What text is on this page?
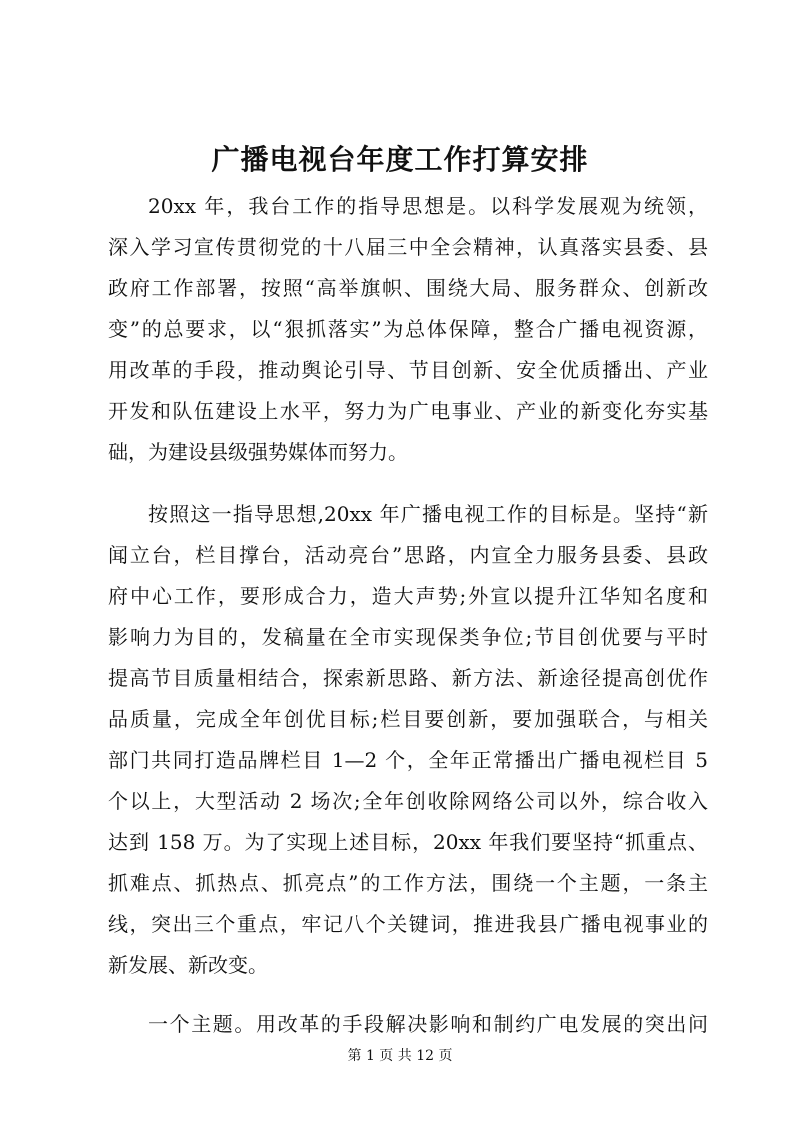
广播电视台年度工作打算安排
20xx 年，我台工作的指导思想是。以科学发展观为统领，
深入学习宣传贯彻党的十八届三中全会精神，认真落实县委、县
政府工作部署，按照“高举旗帜、围绕大局、服务群众、创新改
变”的总要求，以“狠抓落实”为总体保障，整合广播电视资源，
用改革的手段，推动舆论引导、节目创新、安全优质播出、产业
开发和队伍建设上水平，努力为广电事业、产业的新变化夯实基
础，为建设县级强势媒体而努力。
按照这一指导思想,20xx 年广播电视工作的目标是。坚持“新
闻立台，栏目撑台，活动亮台”思路，内宣全力服务县委、县政
府中心工作，要形成合力，造大声势;外宣以提升江华知名度和
影响力为目的，发稿量在全市实现保类争位;节目创优要与平时
提高节目质量相结合，探索新思路、新方法、新途径提高创优作
品质量，完成全年创优目标;栏目要创新，要加强联合，与相关
部门共同打造品牌栏目 1—2 个，全年正常播出广播电视栏目 5
个以上，大型活动 2 场次;全年创收除网络公司以外，综合收入
达到 158 万。为了实现上述目标，20xx 年我们要坚持“抓重点、
抓难点、抓热点、抓亮点”的工作方法，围绕一个主题，一条主
线，突出三个重点，牢记八个关键词，推进我县广播电视事业的
新发展、新改变。
一个主题。用改革的手段解决影响和制约广电发展的突出问
第 1 页 共 12 页
